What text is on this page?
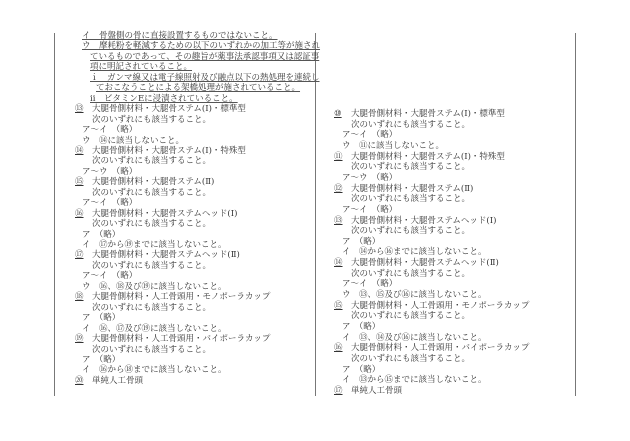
イ　骨盤側の骨に直接設置するものではないこと。
ウ　摩耗粉を軽減するための以下のいずれかの加工等が施され
ているものであって、その趣旨が薬事法承認事項又は認証事
項に明記されていること。
ｉ　ガンマ線又は電子線照射及び融点以下の熱処理を連続し
ておこなうことによる架橋処理が施されていること。
ii　ビタミンEに浸漬されていること。
⑬ 大腿骨側材料・大腿骨ステム(Ⅰ)・標準型
次のいずれにも該当すること。
ア〜イ　（略）
ウ　⑭に該当しないこと。
⑭ 大腿骨側材料・大腿骨ステム(Ⅰ)・特殊型
次のいずれにも該当すること。
ア〜ウ　（略）
⑮ 大腿骨側材料・大腿骨ステム(Ⅱ)
次のいずれにも該当すること。
ア〜イ　（略）
⑯ 大腿骨側材料・大腿骨ステムヘッド(Ⅰ)
次のいずれにも該当すること。
ア　（略）
イ　⑰から⑲までに該当しないこと。
⑰ 大腿骨側材料・大腿骨ステムヘッド(Ⅱ)
次のいずれにも該当すること。
ア〜イ　（略）
ウ　⑯、⑱及び⑲に該当しないこと。
⑱ 大腿骨側材料・人工骨頭用・モノポーラカップ
次のいずれにも該当すること。
ア　（略）
イ　⑯、⑰及び⑲に該当しないこと。
⑲ 大腿骨側材料・人工骨頭用・バイポーラカップ
次のいずれにも該当すること。
ア　（略）
イ　⑯から⑱までに該当しないこと。
⑳ 単純人工骨頭
⑩ 大腿骨側材料・大腿骨ステム(Ⅰ)・標準型
次のいずれにも該当すること。
ア〜イ　（略）
ウ　⑪に該当しないこと。
⑪ 大腿骨側材料・大腿骨ステム(Ⅰ)・特殊型
次のいずれにも該当すること。
ア〜ウ　（略）
⑫ 大腿骨側材料・大腿骨ステム(Ⅱ)
次のいずれにも該当すること。
ア〜イ　（略）
⑬ 大腿骨側材料・大腿骨ステムヘッド(Ⅰ)
次のいずれにも該当すること。
ア　（略）
イ　⑭から⑯までに該当しないこと。
⑭ 大腿骨側材料・大腿骨ステムヘッド(Ⅱ)
次のいずれにも該当すること。
ア〜イ　（略）
ウ　⑬、⑮及び⑯に該当しないこと。
⑮ 大腿骨側材料・人工骨頭用・モノポーラカップ
次のいずれにも該当すること。
ア　（略）
イ　⑬、⑭及び⑯に該当しないこと。
⑯ 大腿骨側材料・人工骨頭用・バイポーラカップ
次のいずれにも該当すること。
ア　（略）
イ　⑬から⑮までに該当しないこと。
⑰ 単純人工骨頭
